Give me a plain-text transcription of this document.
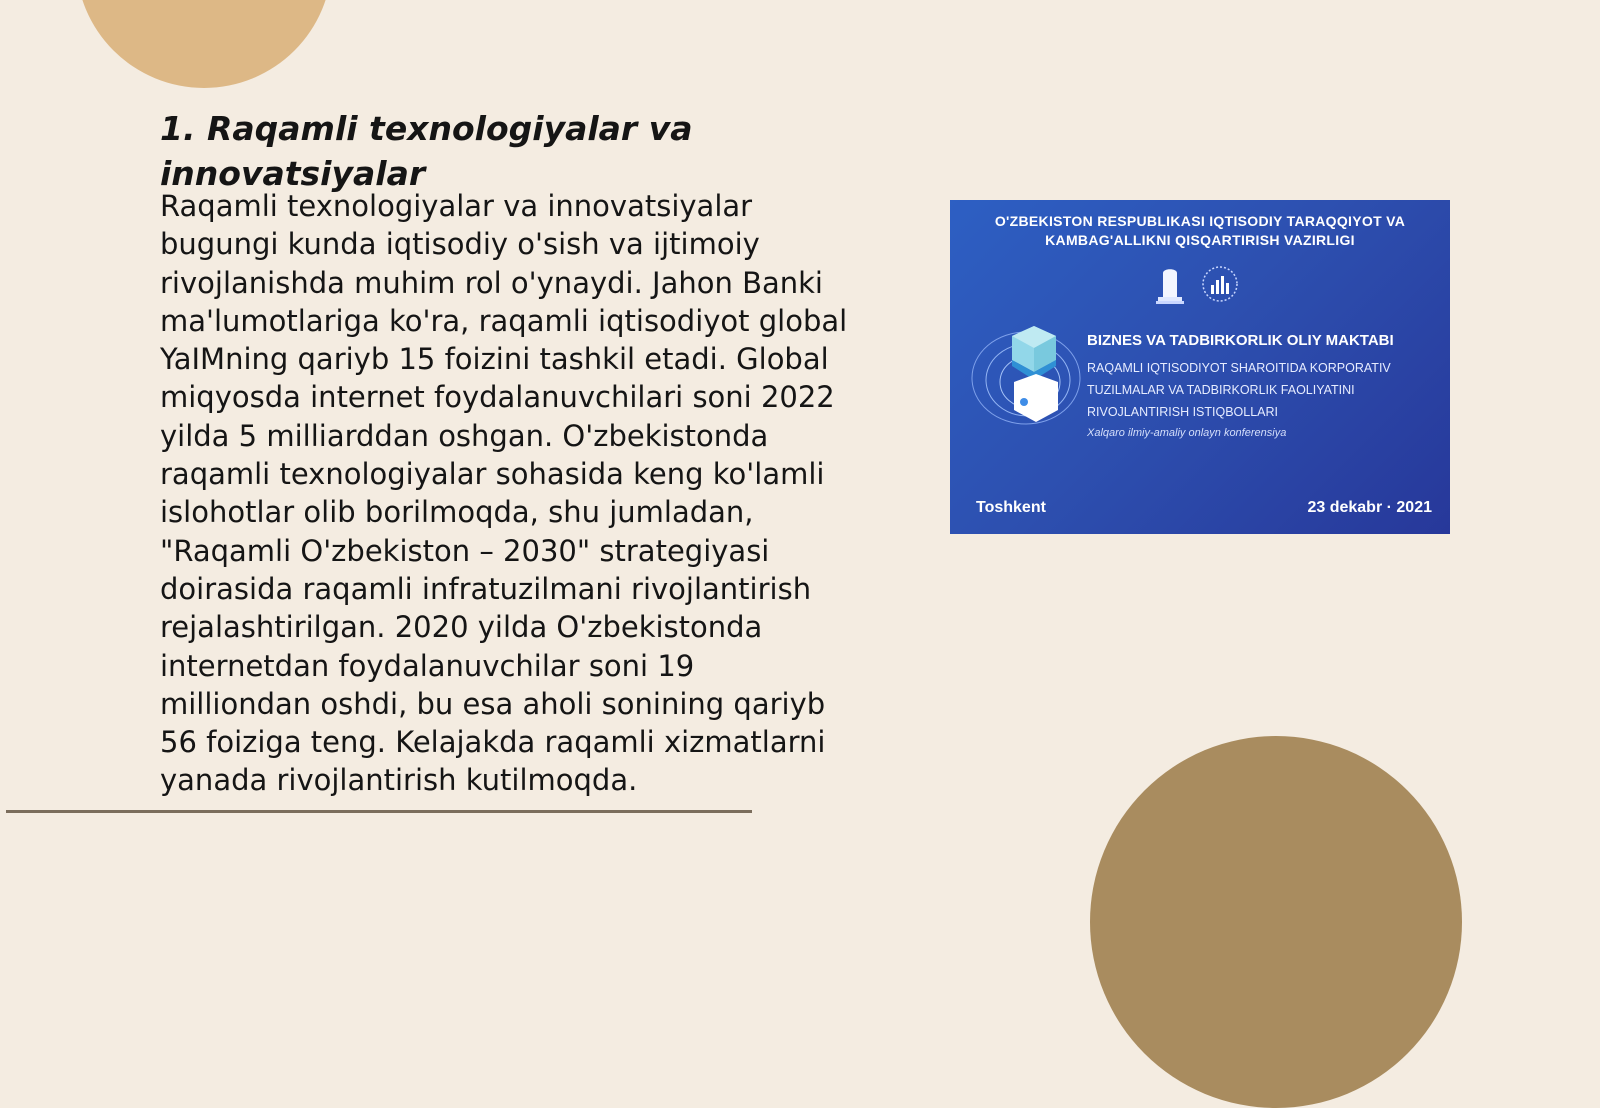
1. Raqamli texnologiyalar va innovatsiyalar

Raqamli texnologiyalar va innovatsiyalar bugungi kunda iqtisodiy o'sish va ijtimoiy rivojlanishda muhim rol o'ynaydi. Jahon Banki ma'lumotlariga ko'ra, raqamli iqtisodiyot global YaIMning qariyb 15 foizini tashkil etadi. Global miqyosda internet foydalanuvchilari soni 2022 yilda 5 milliarddan oshgan. O'zbekistonda raqamli texnologiyalar sohasida keng ko'lamli islohotlar olib borilmoqda, shu jumladan, "Raqamli O'zbekiston – 2030" strategiyasi doirasida raqamli infratuzilmani rivojlantirish rejalashtirilgan. 2020 yilda O'zbekistonda internetdan foydalanuvchilar soni 19 milliondan oshdi, bu esa aholi sonining qariyb 56 foiziga teng. Kelajakda raqamli xizmatlarni yanada rivojlantirish kutilmoqda.

O'ZBEKISTON RESPUBLIKASI IQTISODIY TARAQQIYOT VA KAMBAG'ALLIKNI QISQARTIRISH VAZIRLIGI
BIZNES VA TADBIRKORLIK OLIY MAKTABI
RAQAMLI IQTISODIYOT SHAROITIDA KORPORATIV TUZILMALAR VA TADBIRKORLIK FAOLIYATINI RIVOJLANTIRISH ISTIQBOLLARI
Xalqaro ilmiy-amaliy onlayn konferensiya
Toshkent	23 dekabr · 2021
